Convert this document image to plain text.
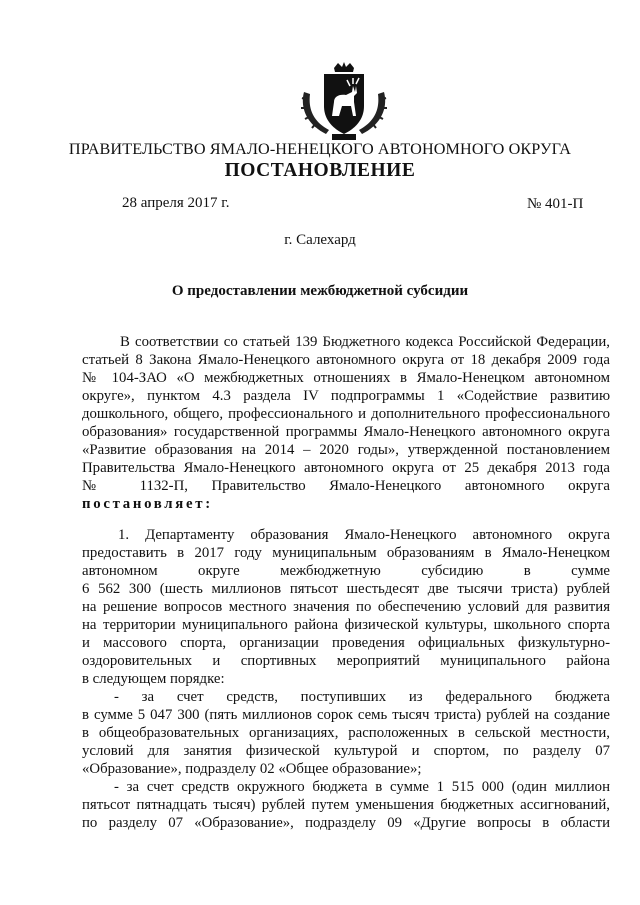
ПРАВИТЕЛЬСТВО ЯМАЛО-НЕНЕЦКОГО АВТОНОМНОГО ОКРУГА
ПОСТАНОВЛЕНИЕ
28 апреля 2017 г.	№ 401-П
г. Салехард
О предоставлении межбюджетной субсидии
В соответствии со статьей 139 Бюджетного кодекса Российской Федерации,
статьей 8 Закона Ямало-Ненецкого автономного округа от 18 декабря 2009 года
№ 104-ЗАО «О межбюджетных отношениях в Ямало-Ненецком автономном
округе», пунктом 4.3 раздела IV подпрограммы 1 «Содействие развитию
дошкольного, общего, профессионального и дополнительного профессионального
образования» государственной программы Ямало-Ненецкого автономного округа
«Развитие образования на 2014 – 2020 годы», утвержденной постановлением
Правительства Ямало-Ненецкого автономного округа от 25 декабря 2013 года
№ 1132-П, Правительство Ямало-Ненецкого автономного округа
постановляет:
1. Департаменту образования Ямало-Ненецкого автономного округа
предоставить в 2017 году муниципальным образованиям в Ямало-Ненецком
автономном округе межбюджетную субсидию в сумме
6 562 300 (шесть миллионов пятьсот шестьдесят две тысячи триста) рублей
на решение вопросов местного значения по обеспечению условий для развития
на территории муниципального района физической культуры, школьного спорта
и массового спорта, организации проведения официальных физкультурно-
оздоровительных и спортивных мероприятий муниципального района
в следующем порядке:
- за счет средств, поступивших из федерального бюджета
в сумме 5 047 300 (пять миллионов сорок семь тысяч триста) рублей на создание
в общеобразовательных организациях, расположенных в сельской местности,
условий для занятия физической культурой и спортом, по разделу 07
«Образование», подразделу 02 «Общее образование»;
- за счет средств окружного бюджета в сумме 1 515 000 (один миллион
пятьсот пятнадцать тысяч) рублей путем уменьшения бюджетных ассигнований,
по разделу 07 «Образование», подразделу 09 «Другие вопросы в области
